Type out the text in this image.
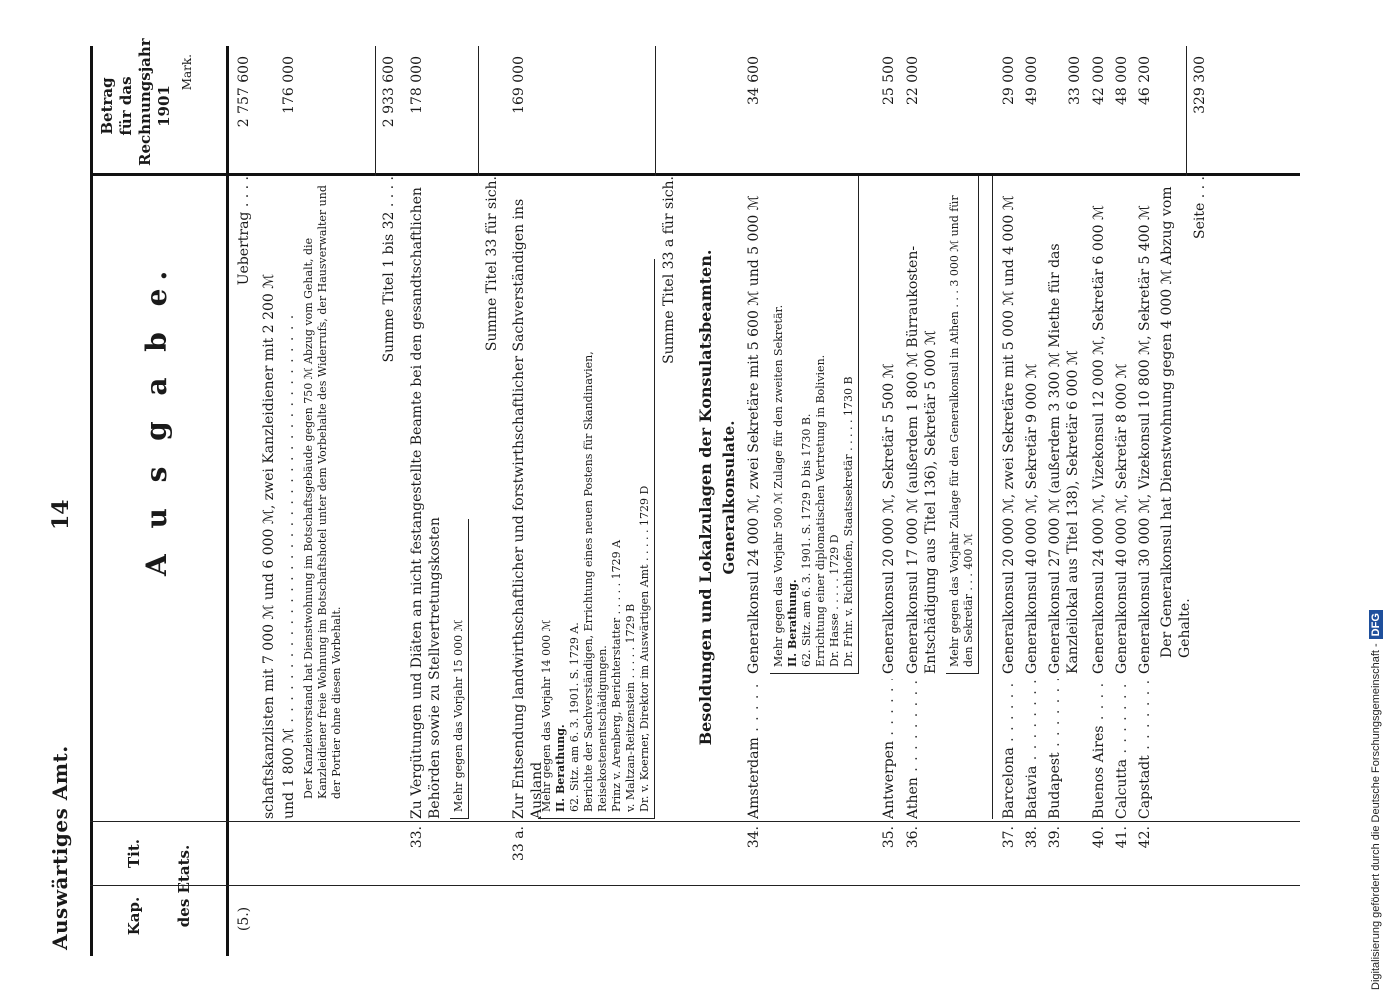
Auswärtiges Amt.
14
Kap.
Tit. des Etats.
A u s g a b e.
Betrag für das Rechnungsjahr 1901
Mark.
(5.)
Uebertrag . . . .
2 757 600
schaftskanzlisten mit 7 000 ℳ und 6 000 ℳ, zwei Kanzleidiener mit 2 200 ℳ und 1 800 ℳ . . .
176 000
Der Kanzleivorstand hat Dienstwohnung im Botschaftsgebäude gegen 750 ℳ Abzug vom Gehalt, die Kanzleidiener freie Wohnung im Botschaftshotel unter dem Vorbehalte des Widerrufs, der Hausverwalter und der Portier ohne diesen Vorbehalt.
Summe Titel 1 bis 32 . . . .
2 933 600
33.
Zu Vergütungen und Diäten an nicht festangestellte Beamte bei den gesandtschaftlichen Behörden sowie zu Stellvertretungskosten
178 000
Mehr gegen das Vorjahr 15 000 ℳ
Summe Titel 33 für sich.
33 a.
Zur Entsendung landwirthschaftlicher und forstwirthschaftlicher Sachverständigen ins Ausland
169 000
Mehr gegen das Vorjahr 14 000 ℳ II. Berathung. 62. Sitz. am 6. 3. 1901. S. 1729 A. Berichte der Sachverständigen, Errichtung eines neuen Postens für Skandinavien, Reisekostenentschädigungen. Prinz v. Arenberg, Berichterstatter . . . . . 1729 A v. Maltzan-Reitzenstein . . . . . 1729 B Dr. v. Koerner, Direktor im Auswärtigen Amt . . . . . 1729 D
Summe Titel 33 a für sich. Besoldungen und Lokalzulagen der Konsulatsbeamten. Generalkonsulate.
34.
Amsterdam . . .
Generalkonsul 24 000 ℳ, zwei Sekretäre mit 5 600 ℳ und 5 000 ℳ
34 600
Mehr gegen das Vorjahr 500 ℳ Zulage für den zweiten Sekretär. II. Berathung. 62. Sitz. am 6. 3. 1901. S. 1729 D bis 1730 B. Errichtung einer diplomatischen Vertretung in Bolivien. Dr. Hasse . . . . . 1729 D Dr. Frhr. v. Richthofen, Staatssekretär . . . . . 1730 B
35.
Antwerpen . . .
Generalkonsul 20 000 ℳ, Sekretär 5 500 ℳ
25 500
36.
Athen . . .
Generalkonsul 17 000 ℳ (außerdem 1 800 ℳ Bürraukosten-Entschädigung aus Titel 136), Sekretär 5 000 ℳ
22 000
Mehr gegen das Vorjahr Zulage für den Generalkonsul in Athen . . . 3 000 ℳ und für den Sekretär . . . 400 ℳ
37.
Barcelona . . .
Generalkonsul 20 000 ℳ, zwei Sekretäre mit 5 000 ℳ und 4 000 ℳ
29 000
38.
Batavia . . .
Generalkonsul 40 000 ℳ, Sekretär 9 000 ℳ
49 000
39.
Budapest . . .
Generalkonsul 27 000 ℳ (außerdem 3 300 ℳ Miethe für das Kanzleilokal aus Titel 138), Sekretär 6 000 ℳ
33 000
40.
Buenos Aires . . .
Generalkonsul 24 000 ℳ, Vizekonsul 12 000 ℳ, Sekretär 6 000 ℳ
42 000
41.
Calcutta . . .
Generalkonsul 40 000 ℳ, Sekretär 8 000 ℳ
48 000
42.
Capstadt . . .
Generalkonsul 30 000 ℳ, Vizekonsul 10 800 ℳ, Sekretär 5 400 ℳ
46 200
Der Generalkonsul hat Dienstwohnung gegen 4 000 ℳ Abzug vom Gehalte.
Seite . . .
329 300
Digitalisierung gefördert durch die Deutsche Forschungsgemeinschaft -DFG
